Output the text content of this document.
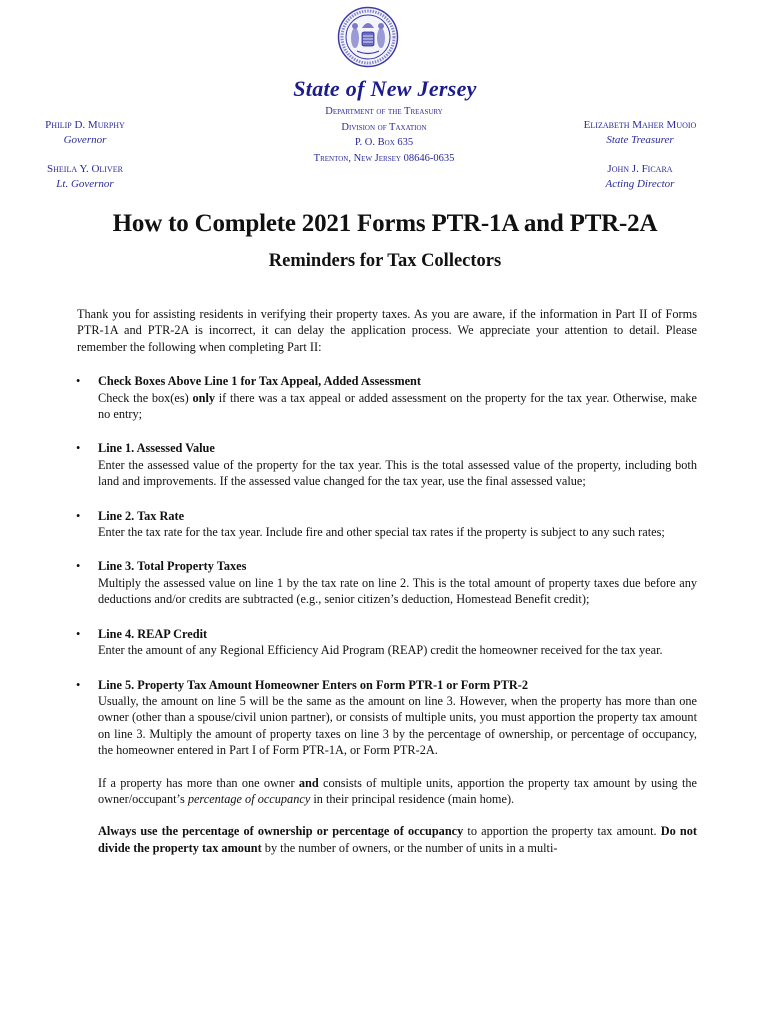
State of New Jersey
Department of the Treasury
Division of Taxation
P. O. Box 635
Trenton, New Jersey 08646-0635
Philip D. Murphy
Governor
Sheila Y. Oliver
Lt. Governor
Elizabeth Maher Muoio
State Treasurer
John J. Ficara
Acting Director
How to Complete 2021 Forms PTR-1A and PTR-2A
Reminders for Tax Collectors

Thank you for assisting residents in verifying their property taxes. As you are aware, if the information in Part II of Forms PTR-1A and PTR-2A is incorrect, it can delay the application process. We appreciate your attention to detail. Please remember the following when completing Part II:

• Check Boxes Above Line 1 for Tax Appeal, Added Assessment

Check the box(es) only if there was a tax appeal or added assessment on the property for the tax year. Otherwise, make no entry;

• Line 1. Assessed Value

Enter the assessed value of the property for the tax year. This is the total assessed value of the property, including both land and improvements. If the assessed value changed for the tax year, use the final assessed value;

• Line 2. Tax Rate

Enter the tax rate for the tax year. Include fire and other special tax rates if the property is subject to any such rates;

• Line 3. Total Property Taxes

Multiply the assessed value on line 1 by the tax rate on line 2. This is the total amount of property taxes due before any deductions and/or credits are subtracted (e.g., senior citizen’s deduction, Homestead Benefit credit);

• Line 4. REAP Credit

Enter the amount of any Regional Efficiency Aid Program (REAP) credit the homeowner received for the tax year.

• Line 5. Property Tax Amount Homeowner Enters on Form PTR-1 or Form PTR-2

Usually, the amount on line 5 will be the same as the amount on line 3. However, when the property has more than one owner (other than a spouse/civil union partner), or consists of multiple units, you must apportion the property tax amount on line 3. Multiply the amount of property taxes on line 3 by the percentage of ownership, or percentage of occupancy, the homeowner entered in Part I of Form PTR-1A, or Form PTR-2A.

If a property has more than one owner and consists of multiple units, apportion the property tax amount by using the owner/occupant’s percentage of occupancy in their principal residence (main home).

Always use the percentage of ownership or percentage of occupancy to apportion the property tax amount. Do not divide the property tax amount by the number of owners, or the number of units in a multi-
